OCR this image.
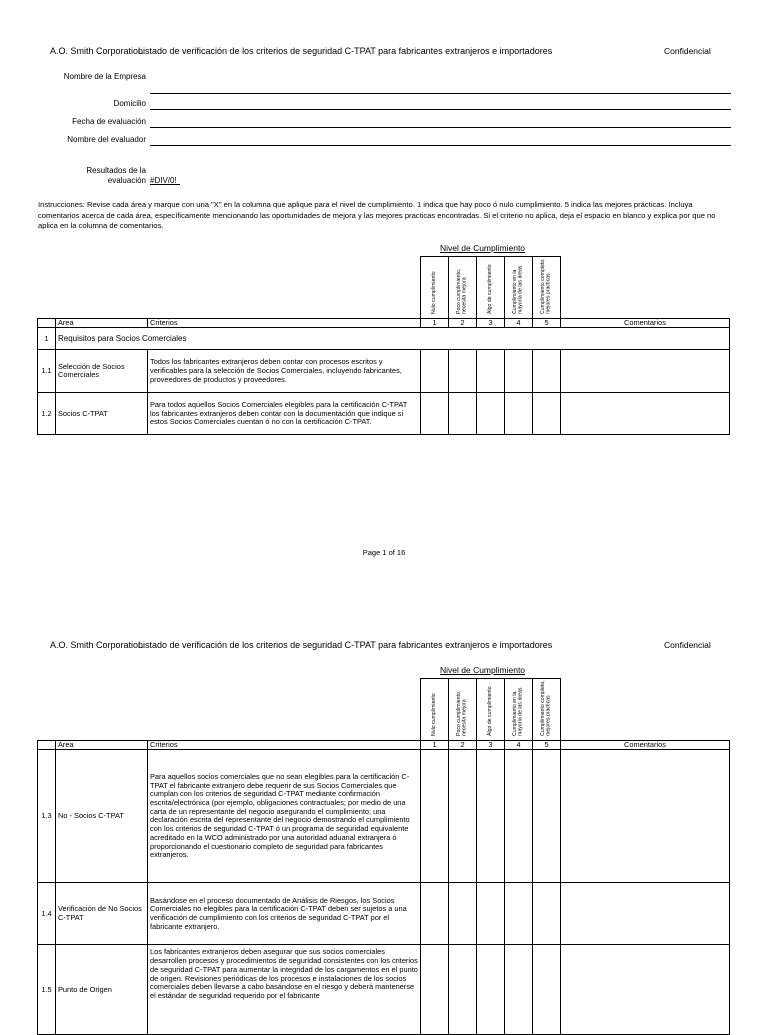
A.O. Smith Corporation
Listado de verificación de los criterios de seguridad C-TPAT para fabricantes extranjeros e importadores	Confidencial
Nombre de la Empresa
Domicilio
Fecha de evaluación
Nombre del evaluador
Resultados de la evaluación #DIV/0!
Instrucciones: Revise cada área y marque con una "X" en la columna que aplique para el nivel de cumplimiento. 1 indica que hay poco ó nulo cumplimiento. 5 indica las mejores prácticas. Incluya comentarios acerca de cada área, específicamente mencionando las oportunidades de mejora y las mejores practicas encontradas. Si el criterio no aplica, deja el espacio en blanco y explica por que no aplica en la columna de comentarios.
Nivel de Cumplimiento
			Nulo cumplimiento	Poco cumplimiento, necesita mejora	Algo de cumplimiento	Cumplimiento en la mayoría de las áreas	Cumplimiento completo, mejores practicas	
	Area	Criterios	1	2	3	4	5	Comentarios
1	Requisitos para Socios Comerciales							
1.1	Selección de Socios Comerciales	Todos los fabricantes extranjeros deben contar con procesos escritos y verificables para la selección de Socios Comerciales, incluyendo fabricantes, proveedores de productos y proveedores.						
1.2	Socios C-TPAT	Para todos aquellos Socios Comerciales elegibles para la certificación C-TPAT los fabricantes extranjeros deben contar con la documentación que indique si estos Socios Comerciales cuentan ó no con la certificación C-TPAT.						
Page 1 of 16
A.O. Smith Corporation
Listado de verificación de los criterios de seguridad C-TPAT para fabricantes extranjeros e importadores	Confidencial
Nivel de Cumplimiento
			Nulo cumplimiento	Poco cumplimiento, necesita mejora	Algo de cumplimiento	Cumplimiento en la mayoría de las áreas	Cumplimiento completo, mejores practicas	
	Area	Criterios	1	2	3	4	5	Comentarios
1.3	No - Socios C-TPAT	Para aquellos socios comerciales que no sean elegibles para la certificación C-TPAT el fabricante extranjero debe requerir de sus Socios Comerciales que cumplan con los criterios de seguridad C-TPAT mediante confirmación escrita/electrónica (por ejemplo, obligaciones contractuales; por medio de una carta de un representante del negocio asegurando el cumplimiento; una declaración escrita del representante del negocio demostrando el cumplimiento con los criterios de seguridad C-TPAT ó un programa de seguridad equivalente acreditado en la WCO administrado por una autoridad aduanal extranjera ó proporcionando el cuestionario completo de seguridad para fabricantes extranjeros.						
1.4	Verificación de No Socios C-TPAT	Basándose en el proceso documentado de Análisis de Riesgos, los Socios Comerciales no elegibles para la certificación C-TPAT deben ser sujetos a una verificación de cumplimiento con los criterios de seguridad C-TPAT por el fabricante extranjero.						
1.5	Punto de Origen	Los fabricantes extranjeros deben asegurar que sus socios comerciales desarrollen procesos y procedimientos de seguridad consistentes con los criterios de seguridad C-TPAT para aumentar la integridad de los cargamentos en el punto de origen. Revisiones periódicas de los procesos e instalaciones de los socios comerciales deben llevarse a cabo basándose en el riesgo y deberá mantenerse el estándar de seguridad requerido por el fabricante						
